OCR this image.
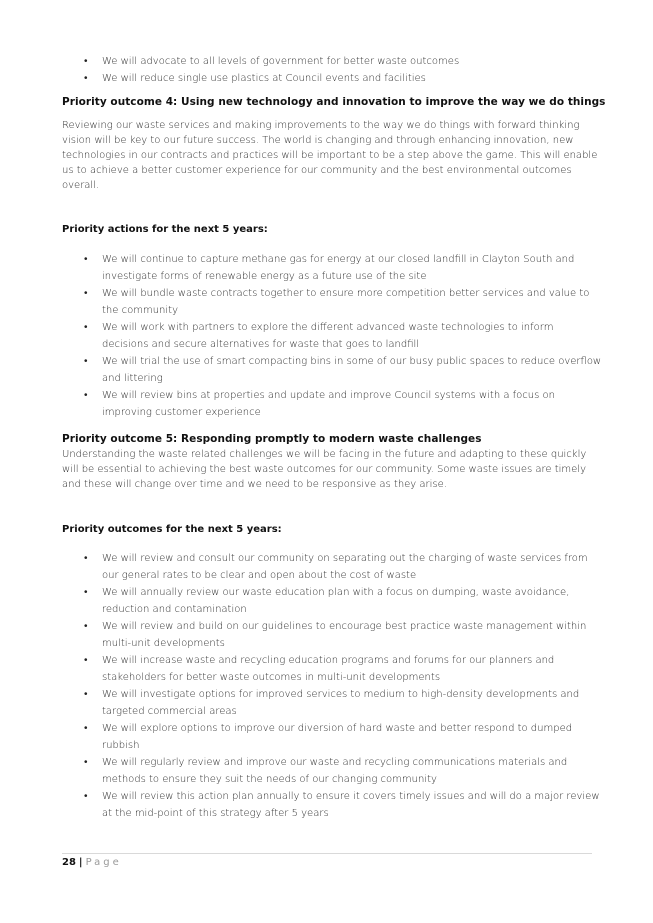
• We will advocate to all levels of government for better waste outcomes
• We will reduce single use plastics at Council events and facilities
Priority outcome 4: Using new technology and innovation to improve the way we do things
Reviewing our waste services and making improvements to the way we do things with forward thinking
vision will be key to our future success. The world is changing and through enhancing innovation, new
technologies in our contracts and practices will be important to be a step above the game. This will enable
us to achieve a better customer experience for our community and the best environmental outcomes
overall.
Priority actions for the next 5 years:
• We will continue to capture methane gas for energy at our closed landfill in Clayton South and
investigate forms of renewable energy as a future use of the site
• We will bundle waste contracts together to ensure more competition better services and value to
the community
• We will work with partners to explore the different advanced waste technologies to inform
decisions and secure alternatives for waste that goes to landfill
• We will trial the use of smart compacting bins in some of our busy public spaces to reduce overflow
and littering
• We will review bins at properties and update and improve Council systems with a focus on
improving customer experience
Priority outcome 5: Responding promptly to modern waste challenges
Understanding the waste related challenges we will be facing in the future and adapting to these quickly
will be essential to achieving the best waste outcomes for our community. Some waste issues are timely
and these will change over time and we need to be responsive as they arise.
Priority outcomes for the next 5 years:
• We will review and consult our community on separating out the charging of waste services from
our general rates to be clear and open about the cost of waste
• We will annually review our waste education plan with a focus on dumping, waste avoidance,
reduction and contamination
• We will review and build on our guidelines to encourage best practice waste management within
multi-unit developments
• We will increase waste and recycling education programs and forums for our planners and
stakeholders for better waste outcomes in multi-unit developments
• We will investigate options for improved services to medium to high-density developments and
targeted commercial areas
• We will explore options to improve our diversion of hard waste and better respond to dumped
rubbish
• We will regularly review and improve our waste and recycling communications materials and
methods to ensure they suit the needs of our changing community
• We will review this action plan annually to ensure it covers timely issues and will do a major review
at the mid-point of this strategy after 5 years
28 | Page
